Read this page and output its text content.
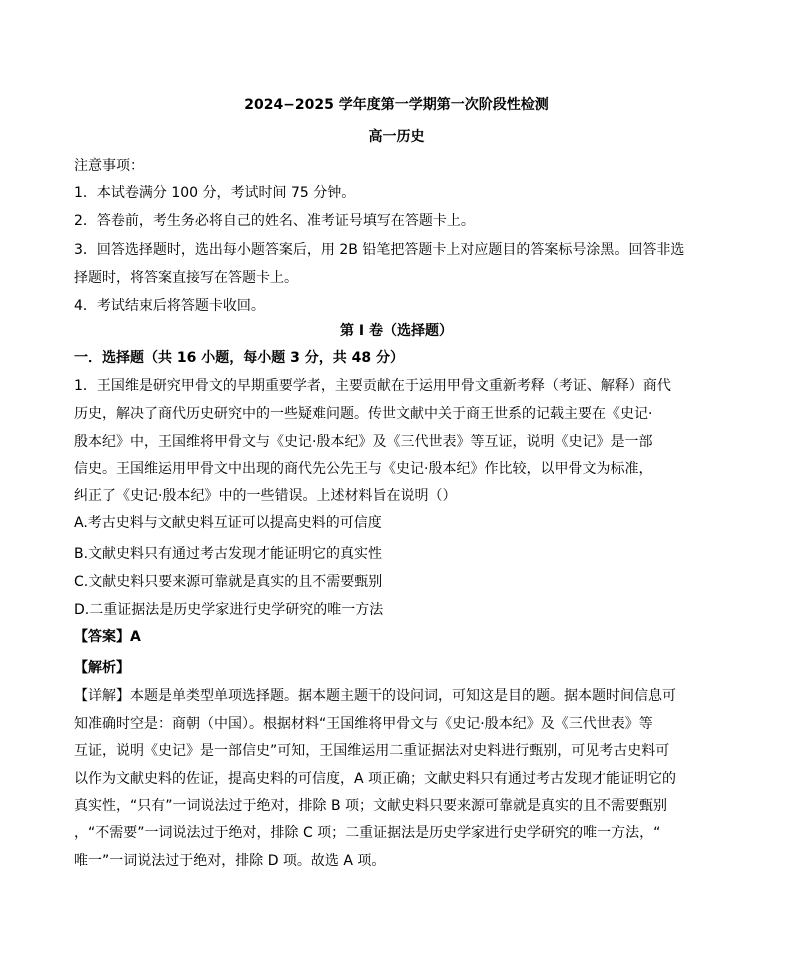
2024−2025 学年度第一学期第一次阶段性检测
高一历史
注意事项：
1．本试卷满分 100 分，考试时间 75 分钟。
2．答卷前，考生务必将自己的姓名、准考证号填写在答题卡上。
3．回答选择题时，选出每小题答案后，用 2B 铅笔把答题卡上对应题目的答案标号涂黑。回答非选
择题时，将答案直接写在答题卡上。
4．考试结束后将答题卡收回。
第 I 卷（选择题）
一．选择题（共 16 小题，每小题 3 分，共 48 分）
1．王国维是研究甲骨文的早期重要学者，主要贡献在于运用甲骨文重新考释（考证、解释）商代
历史，解决了商代历史研究中的一些疑难问题。传世文献中关于商王世系的记载主要在《史记·
殷本纪》中，王国维将甲骨文与《史记·殷本纪》及《三代世表》等互证，说明《史记》是一部
信史。王国维运用甲骨文中出现的商代先公先王与《史记·殷本纪》作比较，以甲骨文为标准，
纠正了《史记·殷本纪》中的一些错误。上述材料旨在说明（）
A.考古史料与文献史料互证可以提高史料的可信度
B.文献史料只有通过考古发现才能证明它的真实性
C.文献史料只要来源可靠就是真实的且不需要甄别
D.二重证据法是历史学家进行史学研究的唯一方法
【答案】A
【解析】
【详解】本题是单类型单项选择题。据本题主题干的设问词，可知这是目的题。据本题时间信息可
知准确时空是：商朝（中国）。根据材料“王国维将甲骨文与《史记·殷本纪》及《三代世表》等
互证，说明《史记》是一部信史”可知，王国维运用二重证据法对史料进行甄别，可见考古史料可
以作为文献史料的佐证，提高史料的可信度，A 项正确；文献史料只有通过考古发现才能证明它的
真实性，“只有”一词说法过于绝对，排除 B 项；文献史料只要来源可靠就是真实的且不需要甄别
，“不需要”一词说法过于绝对，排除 C 项；二重证据法是历史学家进行史学研究的唯一方法，“
唯一”一词说法过于绝对，排除 D 项。故选 A 项。
